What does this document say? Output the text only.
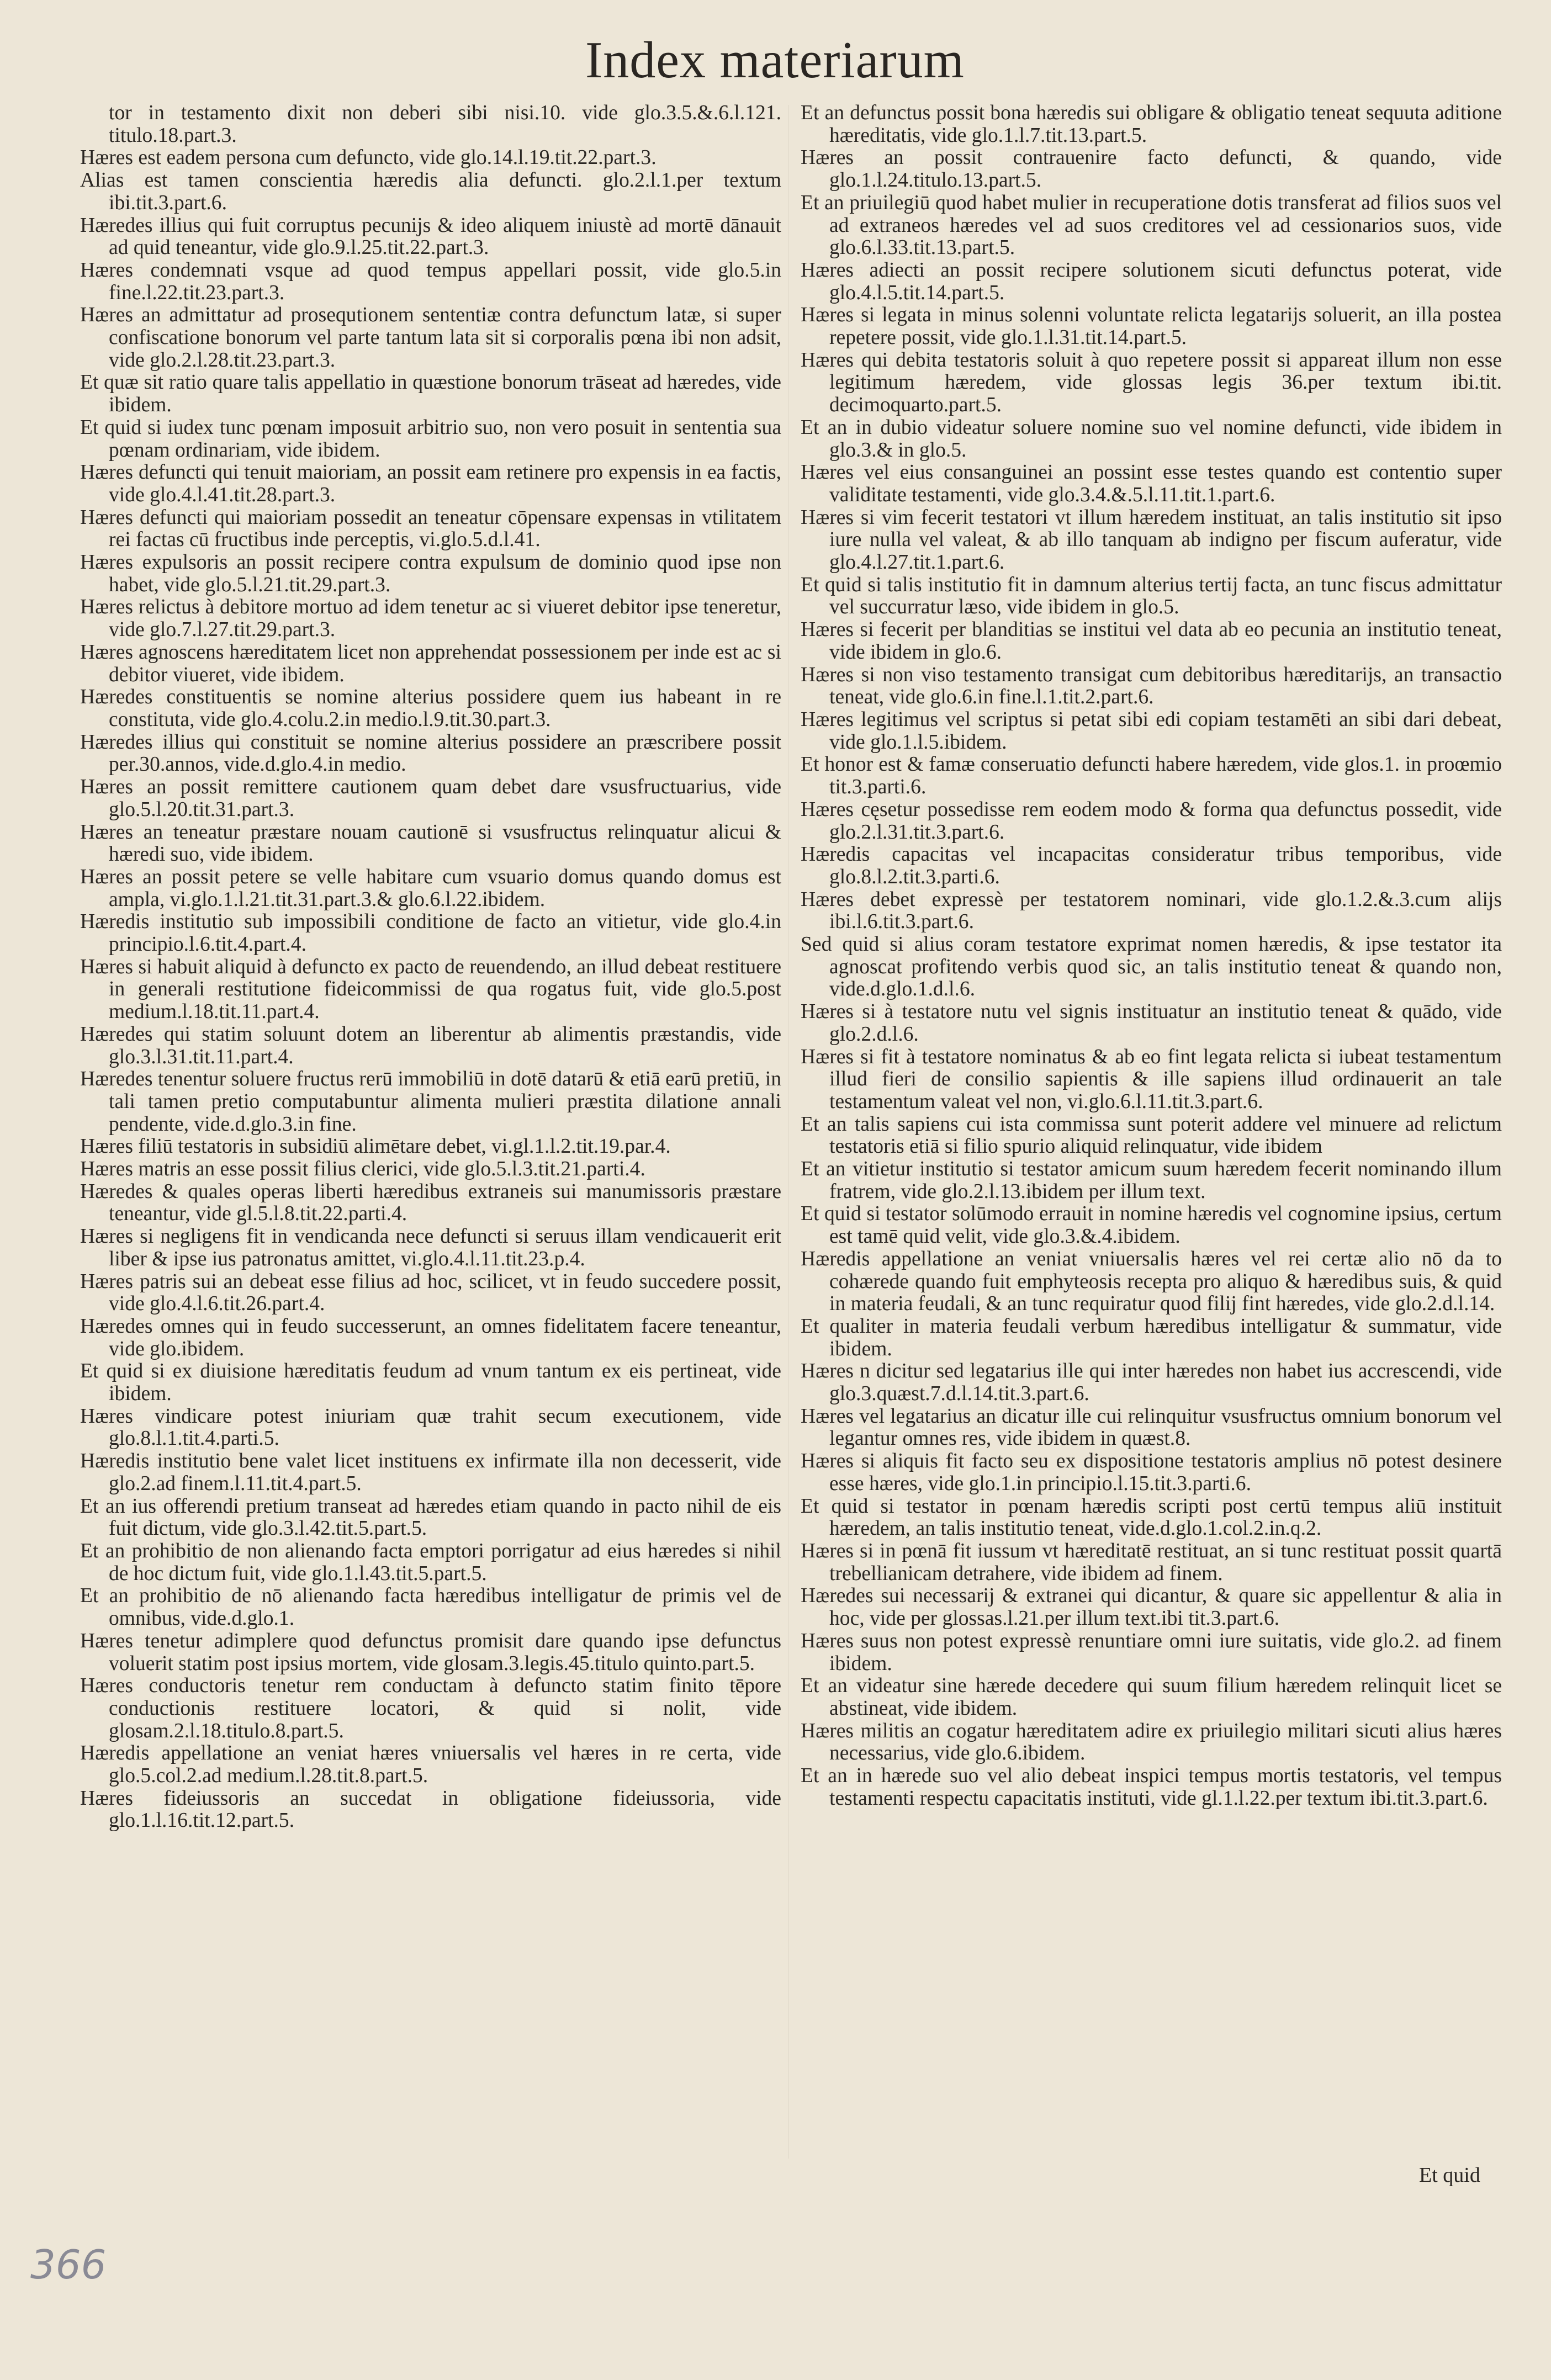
Index materiarum

tor in testamento dixit non deberi sibi nisi.10. vide glo.3.5.&.6.l.121. titulo.18.part.3.

Hæres est eadem persona cum defuncto, vide glo.14.l.19.tit.22.part.3.

Alias est tamen conscientia hæredis alia defuncti. glo.2.l.1.per textum ibi.tit.3.part.6.

Hæredes illius qui fuit corruptus pecunijs & ideo aliquem iniustè ad mortē dānauit ad quid teneantur, vide glo.9.l.25.tit.22.part.3.

Hæres condemnati vsque ad quod tempus appellari possit, vide glo.5.in fine.l.22.tit.23.part.3.

Hæres an admittatur ad prosequtionem sententiæ contra defunctum latæ, si super confiscatione bonorum vel parte tantum lata sit si corporalis pœna ibi non adsit, vide glo.2.l.28.tit.23.part.3.

Et quæ sit ratio quare talis appellatio in quæstione bonorum trāseat ad hæredes, vide ibidem.

Et quid si iudex tunc pœnam imposuit arbitrio suo, non vero posuit in sententia sua pœnam ordinariam, vide ibidem.

Hæres defuncti qui tenuit maioriam, an possit eam retinere pro expensis in ea factis, vide glo.4.l.41.tit.28.part.3.

Hæres defuncti qui maioriam possedit an teneatur cōpensare expensas in vtilitatem rei factas cū fructibus inde perceptis, vi.glo.5.d.l.41.

Hæres expulsoris an possit recipere contra expulsum de dominio quod ipse non habet, vide glo.5.l.21.tit.29.part.3.

Hæres relictus à debitore mortuo ad idem tenetur ac si viueret debitor ipse teneretur, vide glo.7.l.27.tit.29.part.3.

Hæres agnoscens hæreditatem licet non apprehendat possessionem per inde est ac si debitor viueret, vide ibidem.

Hæredes constituentis se nomine alterius possidere quem ius habeant in re constituta, vide glo.4.colu.2.in medio.l.9.tit.30.part.3.

Hæredes illius qui constituit se nomine alterius possidere an præscribere possit per.30.annos, vide.d.glo.4.in medio.

Hæres an possit remittere cautionem quam debet dare vsusfructuarius, vide glo.5.l.20.tit.31.part.3.

Hæres an teneatur præstare nouam cautionē si vsusfructus relinquatur alicui & hæredi suo, vide ibidem.

Hæres an possit petere se velle habitare cum vsuario domus quando domus est ampla, vi.glo.1.l.21.tit.31.part.3.& glo.6.l.22.ibidem.

Hæredis institutio sub impossibili conditione de facto an vitietur, vide glo.4.in principio.l.6.tit.4.part.4.

Hæres si habuit aliquid à defuncto ex pacto de reuendendo, an illud debeat restituere in generali restitutione fideicommissi de qua rogatus fuit, vide glo.5.post medium.l.18.tit.11.part.4.

Hæredes qui statim soluunt dotem an liberentur ab alimentis præstandis, vide glo.3.l.31.tit.11.part.4.

Hæredes tenentur soluere fructus rerū immobiliū in dotē datarū & etiā earū pretiū, in tali tamen pretio computabuntur alimenta mulieri præstita dilatione annali pendente, vide.d.glo.3.in fine.

Hæres filiū testatoris in subsidiū alimētare debet, vi.gl.1.l.2.tit.19.par.4.

Hæres matris an esse possit filius clerici, vide glo.5.l.3.tit.21.parti.4.

Hæredes & quales operas liberti hæredibus extraneis sui manumissoris præstare teneantur, vide gl.5.l.8.tit.22.parti.4.

Hæres si negligens fit in vendicanda nece defuncti si seruus illam vendicauerit erit liber & ipse ius patronatus amittet, vi.glo.4.l.11.tit.23.p.4.

Hæres patris sui an debeat esse filius ad hoc, scilicet, vt in feudo succedere possit, vide glo.4.l.6.tit.26.part.4.

Hæredes omnes qui in feudo successerunt, an omnes fidelitatem facere teneantur, vide glo.ibidem.

Et quid si ex diuisione hæreditatis feudum ad vnum tantum ex eis pertineat, vide ibidem.

Hæres vindicare potest iniuriam quæ trahit secum executionem, vide glo.8.l.1.tit.4.parti.5.

Hæredis institutio bene valet licet instituens ex infirmate illa non decesserit, vide glo.2.ad finem.l.11.tit.4.part.5.

Et an ius offerendi pretium transeat ad hæredes etiam quando in pacto nihil de eis fuit dictum, vide glo.3.l.42.tit.5.part.5.

Et an prohibitio de non alienando facta emptori porrigatur ad eius hæredes si nihil de hoc dictum fuit, vide glo.1.l.43.tit.5.part.5.

Et an prohibitio de nō alienando facta hæredibus intelligatur de primis vel de omnibus, vide.d.glo.1.

Hæres tenetur adimplere quod defunctus promisit dare quando ipse defunctus voluerit statim post ipsius mortem, vide glosam.3.legis.45.titulo quinto.part.5.

Hæres conductoris tenetur rem conductam à defuncto statim finito tēpore conductionis restituere locatori, & quid si nolit, vide glosam.2.l.18.titulo.8.part.5.

Hæredis appellatione an veniat hæres vniuersalis vel hæres in re certa, vide glo.5.col.2.ad medium.l.28.tit.8.part.5.

Hæres fideiussoris an succedat in obligatione fideiussoria, vide glo.1.l.16.tit.12.part.5.

Et an defunctus possit bona hæredis sui obligare & obligatio teneat sequuta aditione hæreditatis, vide glo.1.l.7.tit.13.part.5.

Hæres an possit contrauenire facto defuncti, & quando, vide glo.1.l.24.titulo.13.part.5.

Et an priuilegiū quod habet mulier in recuperatione dotis transferat ad filios suos vel ad extraneos hæredes vel ad suos creditores vel ad cessionarios suos, vide glo.6.l.33.tit.13.part.5.

Hæres adiecti an possit recipere solutionem sicuti defunctus poterat, vide glo.4.l.5.tit.14.part.5.

Hæres si legata in minus solenni voluntate relicta legatarijs soluerit, an illa postea repetere possit, vide glo.1.l.31.tit.14.part.5.

Hæres qui debita testatoris soluit à quo repetere possit si appareat illum non esse legitimum hæredem, vide glossas legis 36.per textum ibi.tit. decimoquarto.part.5.

Et an in dubio videatur soluere nomine suo vel nomine defuncti, vide ibidem in glo.3.& in glo.5.

Hæres vel eius consanguinei an possint esse testes quando est contentio super validitate testamenti, vide glo.3.4.&.5.l.11.tit.1.part.6.

Hæres si vim fecerit testatori vt illum hæredem instituat, an talis institutio sit ipso iure nulla vel valeat, & ab illo tanquam ab indigno per fiscum auferatur, vide glo.4.l.27.tit.1.part.6.

Et quid si talis institutio fit in damnum alterius tertij facta, an tunc fiscus admittatur vel succurratur læso, vide ibidem in glo.5.

Hæres si fecerit per blanditias se institui vel data ab eo pecunia an institutio teneat, vide ibidem in glo.6.

Hæres si non viso testamento transigat cum debitoribus hæreditarijs, an transactio teneat, vide glo.6.in fine.l.1.tit.2.part.6.

Hæres legitimus vel scriptus si petat sibi edi copiam testamēti an sibi dari debeat, vide glo.1.l.5.ibidem.

Et honor est & famæ conseruatio defuncti habere hæredem, vide glos.1. in proœmio tit.3.parti.6.

Hæres cęsetur possedisse rem eodem modo & forma qua defunctus possedit, vide glo.2.l.31.tit.3.part.6.

Hæredis capacitas vel incapacitas consideratur tribus temporibus, vide glo.8.l.2.tit.3.parti.6.

Hæres debet expressè per testatorem nominari, vide glo.1.2.&.3.cum alijs ibi.l.6.tit.3.part.6.

Sed quid si alius coram testatore exprimat nomen hæredis, & ipse testator ita agnoscat profitendo verbis quod sic, an talis institutio teneat & quando non, vide.d.glo.1.d.l.6.

Hæres si à testatore nutu vel signis instituatur an institutio teneat & quādo, vide glo.2.d.l.6.

Hæres si fit à testatore nominatus & ab eo fint legata relicta si iubeat testamentum illud fieri de consilio sapientis & ille sapiens illud ordinauerit an tale testamentum valeat vel non, vi.glo.6.l.11.tit.3.part.6.

Et an talis sapiens cui ista commissa sunt poterit addere vel minuere ad relictum testatoris etiā si filio spurio aliquid relinquatur, vide ibidem

Et an vitietur institutio si testator amicum suum hæredem fecerit nominando illum fratrem, vide glo.2.l.13.ibidem per illum text.

Et quid si testator solūmodo errauit in nomine hæredis vel cognomine ipsius, certum est tamē quid velit, vide glo.3.&.4.ibidem.

Hæredis appellatione an veniat vniuersalis hæres vel rei certæ alio nō da to cohærede quando fuit emphyteosis recepta pro aliquo & hæredibus suis, & quid in materia feudali, & an tunc requiratur quod filij fint hæredes, vide glo.2.d.l.14.

Et qualiter in materia feudali verbum hæredibus intelligatur & summatur, vide ibidem.

Hæres n dicitur sed legatarius ille qui inter hæredes non habet ius accrescendi, vide glo.3.quæst.7.d.l.14.tit.3.part.6.

Hæres vel legatarius an dicatur ille cui relinquitur vsusfructus omnium bonorum vel legantur omnes res, vide ibidem in quæst.8.

Hæres si aliquis fit facto seu ex dispositione testatoris amplius nō potest desinere esse hæres, vide glo.1.in principio.l.15.tit.3.parti.6.

Et quid si testator in pœnam hæredis scripti post certū tempus aliū instituit hæredem, an talis institutio teneat, vide.d.glo.1.col.2.in.q.2.

Hæres si in pœnā fit iussum vt hæreditatē restituat, an si tunc restituat possit quartā trebellianicam detrahere, vide ibidem ad finem.

Hæredes sui necessarij & extranei qui dicantur, & quare sic appellentur & alia in hoc, vide per glossas.l.21.per illum text.ibi tit.3.part.6.

Hæres suus non potest expressè renuntiare omni iure suitatis, vide glo.2. ad finem ibidem.

Et an videatur sine hærede decedere qui suum filium hæredem relinquit licet se abstineat, vide ibidem.

Hæres militis an cogatur hæreditatem adire ex priuilegio militari sicuti alius hæres necessarius, vide glo.6.ibidem.

Et an in hærede suo vel alio debeat inspici tempus mortis testatoris, vel tempus testamenti respectu capacitatis instituti, vide gl.1.l.22.per textum ibi.tit.3.part.6.

Et quid
366
